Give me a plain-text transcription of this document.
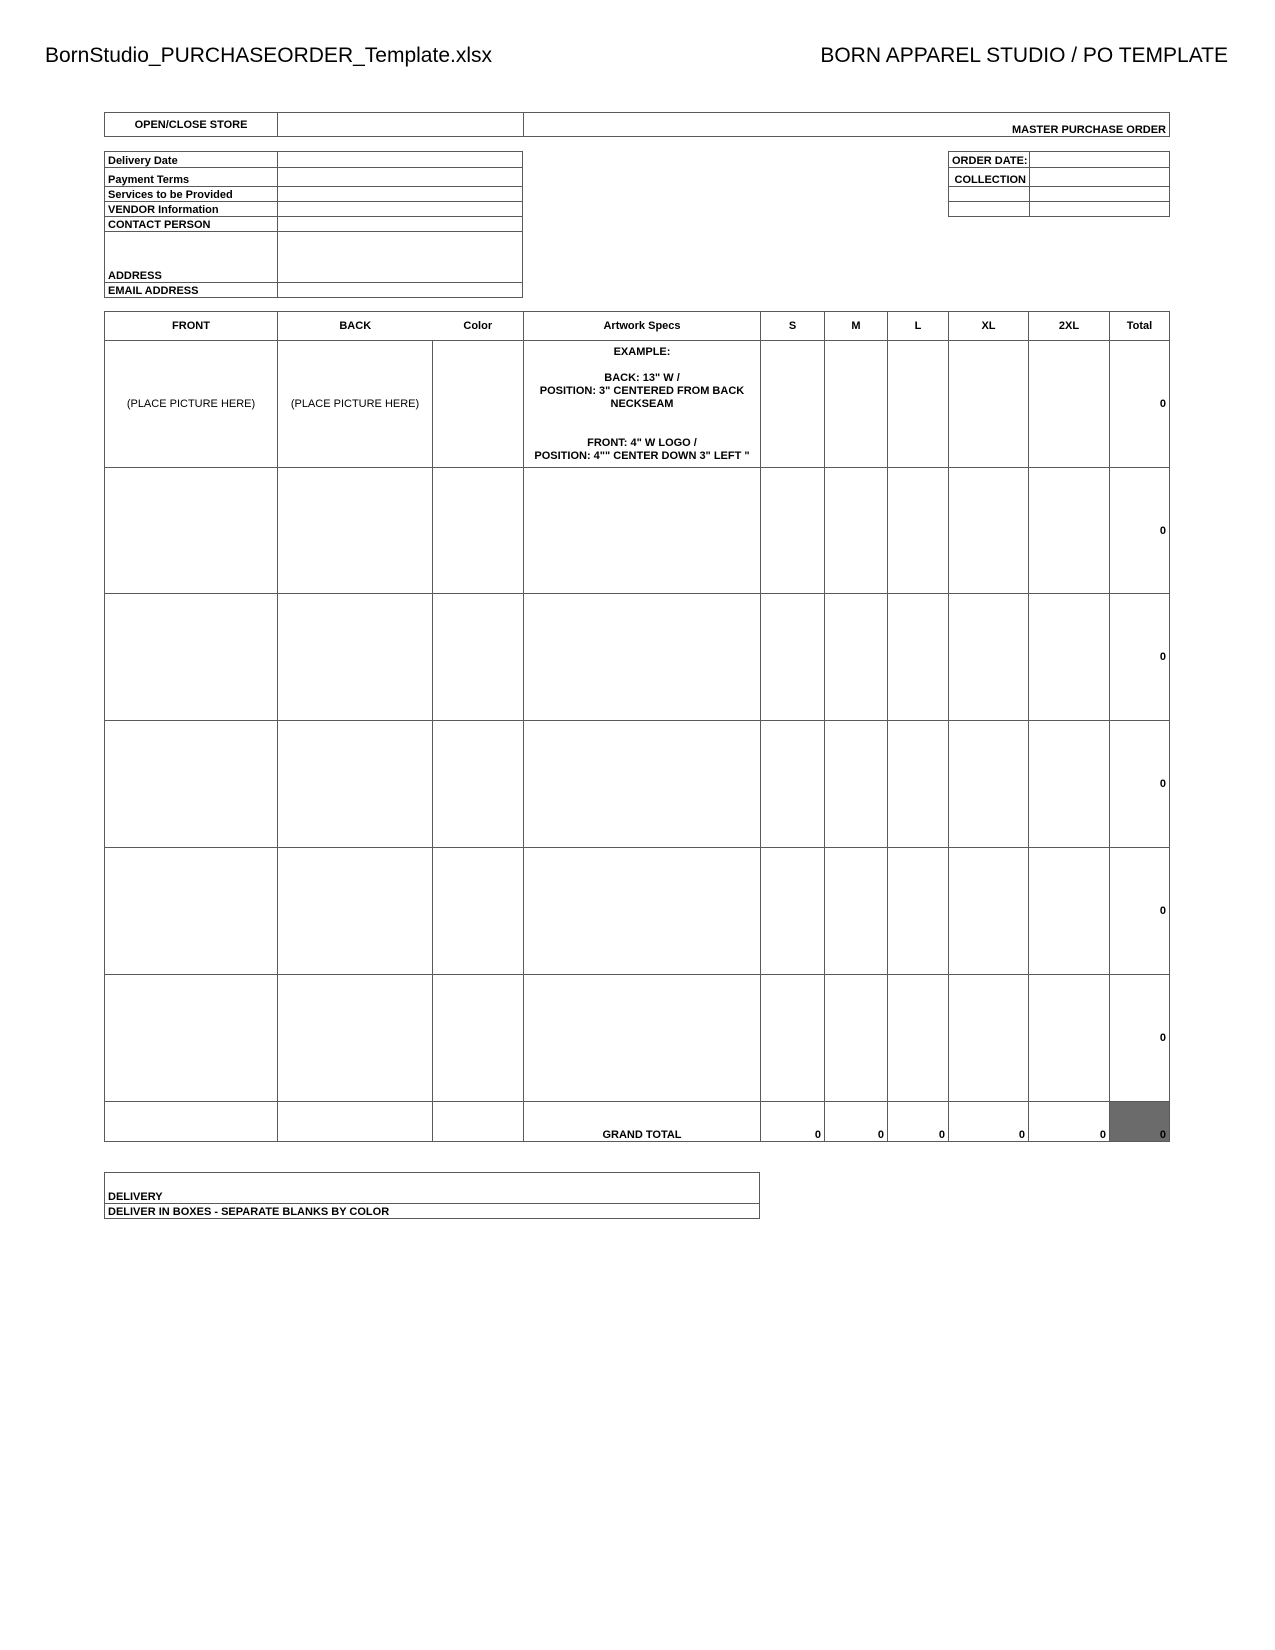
BornStudio_PURCHASEORDER_Template.xlsx	BORN APPAREL STUDIO / PO TEMPLATE
OPEN/CLOSE STORE		MASTER PURCHASE ORDER
Delivery Date	
Payment Terms	
Services to be Provided	
VENDOR Information	
CONTACT PERSON	
ADDRESS	
EMAIL ADDRESS	
ORDER DATE:	
COLLECTION	

FRONT	BACK	Color	Artwork Specs	S	M	L	XL	2XL	Total
(PLACE PICTURE HERE)	(PLACE PICTURE HERE)		EXAMPLE:
BACK: 13" W /
POSITION: 3" CENTERED FROM BACK NECKSEAM
FRONT: 4" W LOGO /
POSITION: 4"" CENTER DOWN 3" LEFT "						0
									0
									0
									0
									0
									0
			GRAND TOTAL	0	0	0	0	0	0
DELIVERY
DELIVER IN BOXES - SEPARATE BLANKS BY COLOR
